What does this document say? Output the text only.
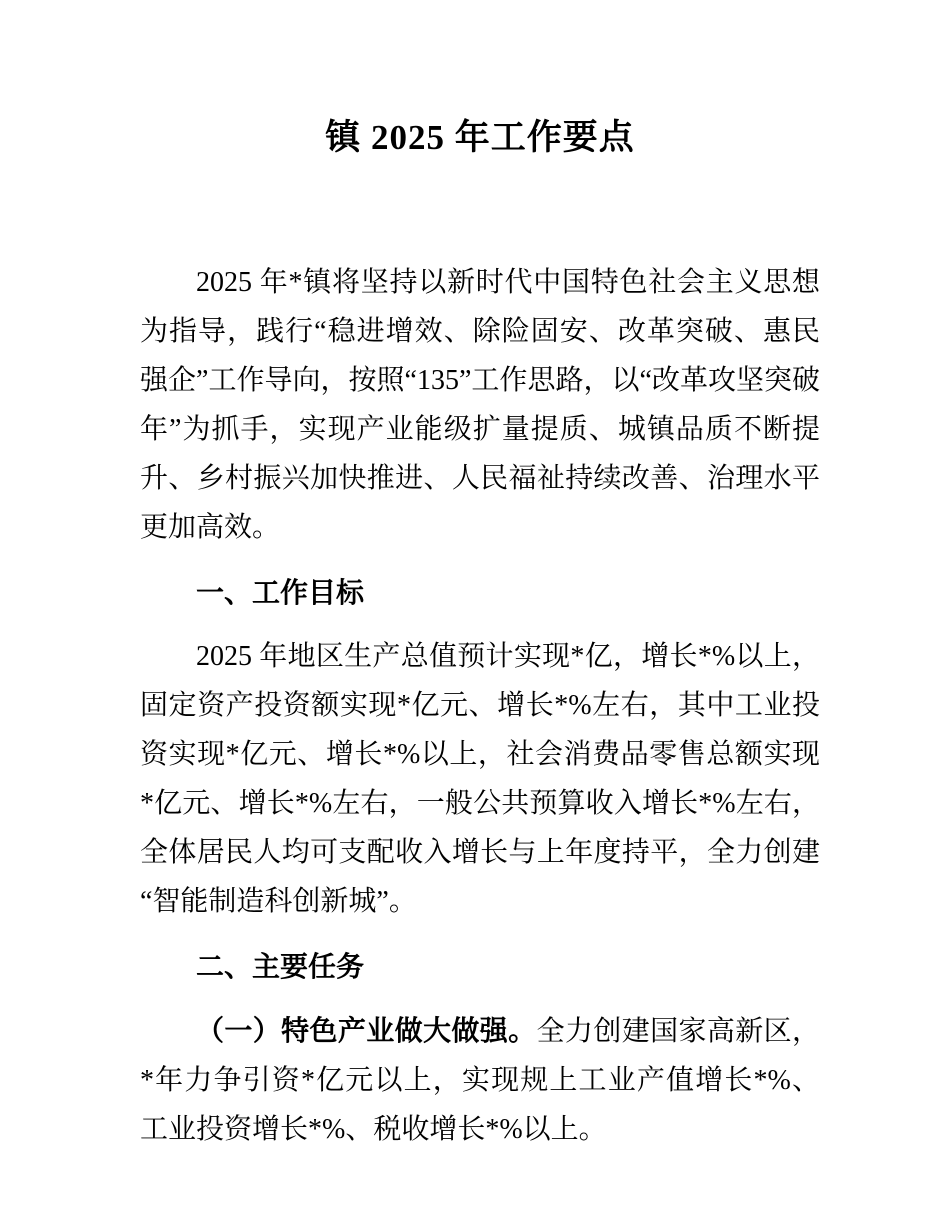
镇 2025 年工作要点

2025 年*镇将坚持以新时代中国特色社会主义思想为指导，践行“稳进增效、除险固安、改革突破、惠民强企”工作导向，按照“135”工作思路，以“改革攻坚突破年”为抓手，实现产业能级扩量提质、城镇品质不断提升、乡村振兴加快推进、人民福祉持续改善、治理水平更加高效。

一、工作目标

2025 年地区生产总值预计实现*亿，增长*%以上，固定资产投资额实现*亿元、增长*%左右，其中工业投资实现*亿元、增长*%以上，社会消费品零售总额实现*亿元、增长*%左右，一般公共预算收入增长*%左右，全体居民人均可支配收入增长与上年度持平，全力创建“智能制造科创新城”。

二、主要任务

（一）特色产业做大做强。全力创建国家高新区，*年力争引资*亿元以上，实现规上工业产值增长*%、工业投资增长*%、税收增长*%以上。
